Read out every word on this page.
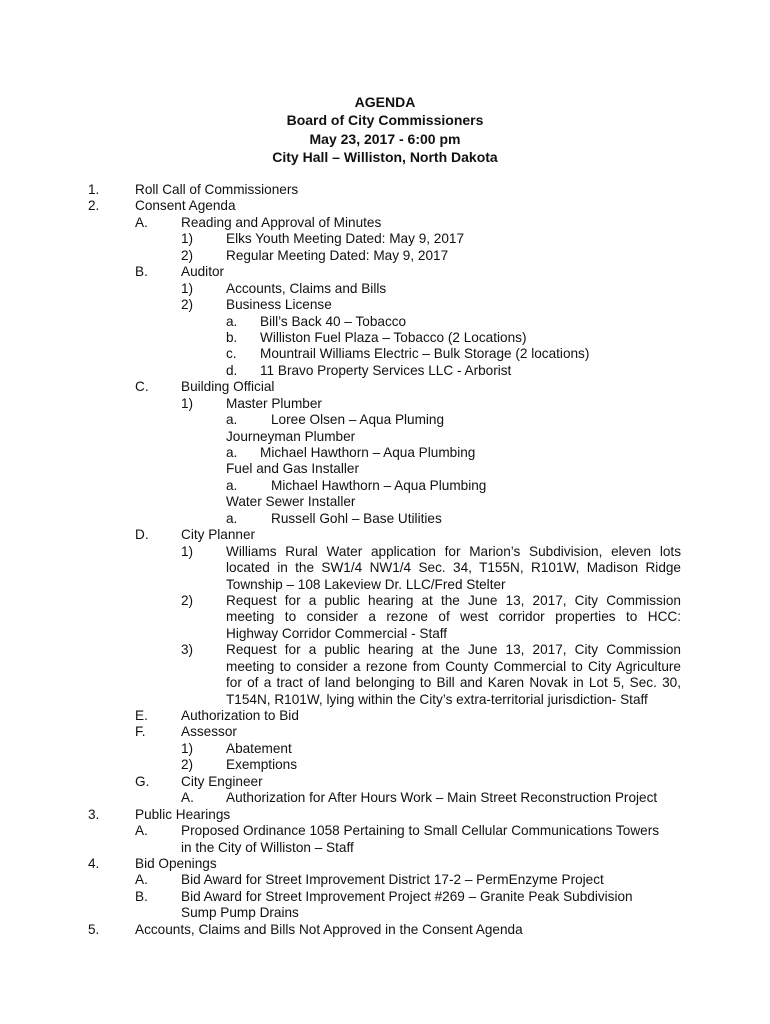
AGENDA
Board of City Commissioners
May 23, 2017 - 6:00 pm
City Hall – Williston, North Dakota
1.	Roll Call of Commissioners
2.	Consent Agenda
A. Reading and Approval of Minutes
1) Elks Youth Meeting Dated: May 9, 2017
2) Regular Meeting Dated: May 9, 2017
B. Auditor
1) Accounts, Claims and Bills
2) Business License
a. Bill’s Back 40 – Tobacco
b. Williston Fuel Plaza – Tobacco (2 Locations)
c. Mountrail Williams Electric – Bulk Storage (2 locations)
d. 11 Bravo Property Services LLC - Arborist
C. Building Official
1) Master Plumber
a. Loree Olsen – Aqua Pluming
Journeyman Plumber
a. Michael Hawthorn – Aqua Plumbing
Fuel and Gas Installer
a. Michael Hawthorn – Aqua Plumbing
Water Sewer Installer
a. Russell Gohl – Base Utilities
D. City Planner
1) Williams Rural Water application for Marion’s Subdivision, eleven lots
located in the SW1/4 NW1/4 Sec. 34, T155N, R101W, Madison Ridge
Township – 108 Lakeview Dr. LLC/Fred Stelter
2) Request for a public hearing at the June 13, 2017, City Commission
meeting to consider a rezone of west corridor properties to HCC:
Highway Corridor Commercial - Staff
3) Request for a public hearing at the June 13, 2017, City Commission
meeting to consider a rezone from County Commercial to City Agriculture
for of a tract of land belonging to Bill and Karen Novak in Lot 5, Sec. 30,
T154N, R101W, lying within the City’s extra-territorial jurisdiction- Staff
E. Authorization to Bid
F.	Assessor
1) Abatement
2) Exemptions
G. City Engineer
A. Authorization for After Hours Work – Main Street Reconstruction Project
3.	Public Hearings
A. Proposed Ordinance 1058 Pertaining to Small Cellular Communications Towers
in the City of Williston – Staff
4.	Bid Openings
A. Bid Award for Street Improvement District 17-2 – PermEnzyme Project
B. Bid Award for Street Improvement Project #269 – Granite Peak Subdivision
Sump Pump Drains
5.	Accounts, Claims and Bills Not Approved in the Consent Agenda
